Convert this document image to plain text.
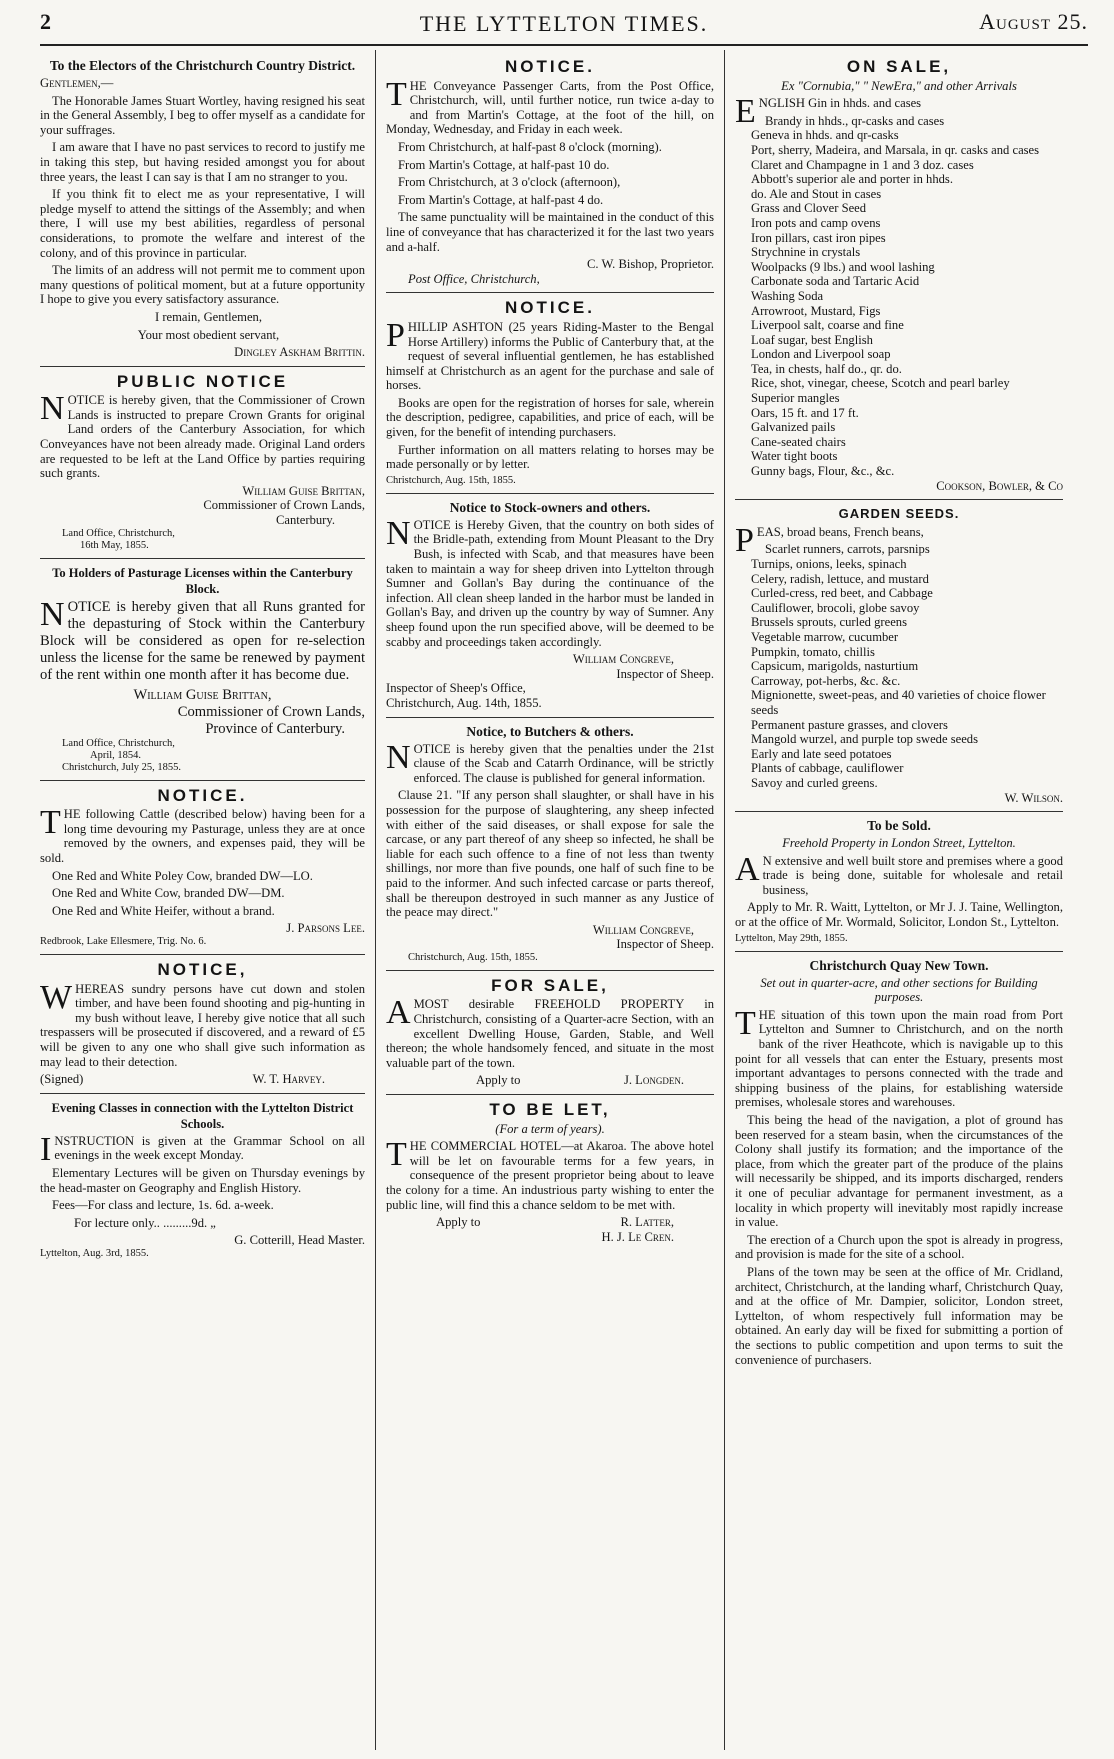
2	THE LYTTELTON TIMES.	August 25.
To the Electors of the Christchurch Country District.

Gentlemen,—

The Honorable James Stuart Wortley, having resigned his seat in the General Assembly, I beg to offer myself as a candidate for your suffrages.

I am aware that I have no past services to record to justify me in taking this step, but having resided amongst you for about three years, the least I can say is that I am no stranger to you.

If you think fit to elect me as your representative, I will pledge myself to attend the sittings of the Assembly; and when there, I will use my best abilities, regardless of personal considerations, to promote the welfare and interest of the colony, and of this province in particular.

The limits of an address will not permit me to comment upon many questions of political moment, but at a future opportunity I hope to give you every satisfactory assurance.

I remain, Gentlemen,

Your most obedient servant,

Dingley Askham Brittin.
PUBLIC NOTICE

NOTICE is hereby given, that the Commissioner of Crown Lands is instructed to prepare Crown Grants for original Land orders of the Canterbury Association, for which Conveyances have not been already made. Original Land orders are requested to be left at the Land Office by parties requiring such grants.

William Guise Brittan,
Commissioner of Crown Lands,
Canterbury.
Land Office, Christchurch,
16th May, 1855.
To Holders of Pasturage Licenses within the Canterbury Block.

NOTICE is hereby given that all Runs granted for the depasturing of Stock within the Canterbury Block will be considered as open for re-selection unless the license for the same be renewed by payment of the rent within one month after it has become due.

William Guise Brittan,
Commissioner of Crown Lands,
Province of Canterbury.
Land Office, Christchurch,
April, 1854.
Christchurch, July 25, 1855.
NOTICE.

THE following Cattle (described below) having been for a long time devouring my Pasturage, unless they are at once removed by the owners, and expenses paid, they will be sold.

One Red and White Poley Cow, branded DW—LO.

One Red and White Cow, branded DW—DM.

One Red and White Heifer, without a brand.

J. Parsons Lee.
Redbrook, Lake Ellesmere, Trig. No. 6.
NOTICE,

WHEREAS sundry persons have cut down and stolen timber, and have been found shooting and pig-hunting in my bush without leave, I hereby give notice that all such trespassers will be prosecuted if discovered, and a reward of £5 will be given to any one who shall give such information as may lead to their detection.

(Signed)	W. T. Harvey.
Evening Classes in connection with the Lyttelton District Schools.

INSTRUCTION is given at the Grammar School on all evenings in the week except Monday.

Elementary Lectures will be given on Thursday evenings by the head-master on Geography and English History.

Fees—For class and lecture, 1s. 6d. a-week.

For lecture only.. .........9d. „

G. Cotterill, Head Master.
Lyttelton, Aug. 3rd, 1855.
NOTICE.

THE Conveyance Passenger Carts, from the Post Office, Christchurch, will, until further notice, run twice a-day to and from Martin's Cottage, at the foot of the hill, on Monday, Wednesday, and Friday in each week.

From Christchurch, at half-past 8 o'clock (morning).

From Martin's Cottage, at half-past 10 do.

From Christchurch, at 3 o'clock (afternoon),

From Martin's Cottage, at half-past 4 do.

The same punctuality will be maintained in the conduct of this line of conveyance that has characterized it for the last two years and a-half.

C. W. Bishop, Proprietor.
Post Office, Christchurch,
NOTICE.

PHILLIP ASHTON (25 years Riding-Master to the Bengal Horse Artillery) informs the Public of Canterbury that, at the request of several influential gentlemen, he has established himself at Christchurch as an agent for the purchase and sale of horses.

Books are open for the registration of horses for sale, wherein the description, pedigree, capabilities, and price of each, will be given, for the benefit of intending purchasers.

Further information on all matters relating to horses may be made personally or by letter.

Christchurch, Aug. 15th, 1855.
Notice to Stock-owners and others.

NOTICE is Hereby Given, that the country on both sides of the Bridle-path, extending from Mount Pleasant to the Dry Bush, is infected with Scab, and that measures have been taken to maintain a way for sheep driven into Lyttelton through Sumner and Gollan's Bay during the continuance of the infection. All clean sheep landed in the harbor must be landed in Gollan's Bay, and driven up the country by way of Sumner. Any sheep found upon the run specified above, will be deemed to be scabby and proceedings taken accordingly.

William Congreve,
Inspector of Sheep.
Inspector of Sheep's Office,
Christchurch, Aug. 14th, 1855.
Notice, to Butchers & others.

NOTICE is hereby given that the penalties under the 21st clause of the Scab and Catarrh Ordinance, will be strictly enforced. The clause is published for general information.

Clause 21. "If any person shall slaughter, or shall have in his possession for the purpose of slaughtering, any sheep infected with either of the said diseases, or shall expose for sale the carcase, or any part thereof of any sheep so infected, he shall be liable for each such offence to a fine of not less than twenty shillings, nor more than five pounds, one half of such fine to be paid to the informer. And such infected carcase or parts thereof, shall be thereupon destroyed in such manner as any Justice of the peace may direct."

William Congreve,
Inspector of Sheep.
Christchurch, Aug. 15th, 1855.
FOR SALE,

AMOST desirable FREEHOLD PROPERTY in Christchurch, consisting of a Quarter-acre Section, with an excellent Dwelling House, Garden, Stable, and Well thereon; the whole handsomely fenced, and situate in the most valuable part of the town.

Apply to	J. Longden.
TO BE LET,
(For a term of years).

THE COMMERCIAL HOTEL—at Akaroa. The above hotel will be let on favourable terms for a few years, in consequence of the present proprietor being about to leave the colony for a time. An industrious party wishing to enter the public line, will find this a chance seldom to be met with.

Apply to	R. Latter,
H. J. Le Cren.
ON SALE,
Ex "Cornubia," " NewEra," and other Arrivals

ENGLISH Gin in hhds. and cases

Brandy in hhds., qr-casks and cases
Geneva in hhds. and qr-casks
Port, sherry, Madeira, and Marsala, in qr. casks and cases
Claret and Champagne in 1 and 3 doz. cases
Abbott's superior ale and porter in hhds.
do. Ale and Stout in cases
Grass and Clover Seed
Iron pots and camp ovens
Iron pillars, cast iron pipes
Strychnine in crystals
Woolpacks (9 lbs.) and wool lashing
Carbonate soda and Tartaric Acid
Washing Soda
Arrowroot, Mustard, Figs
Liverpool salt, coarse and fine
Loaf sugar, best English
London and Liverpool soap
Tea, in chests, half do., qr. do.
Rice, shot, vinegar, cheese, Scotch and pearl barley
Superior mangles
Oars, 15 ft. and 17 ft.
Galvanized pails
Cane-seated chairs
Water tight boots
Gunny bags, Flour, &c., &c.
Cookson, Bowler, & Co
GARDEN SEEDS.

PEAS, broad beans, French beans,

Scarlet runners, carrots, parsnips
Turnips, onions, leeks, spinach
Celery, radish, lettuce, and mustard
Curled-cress, red beet, and Cabbage
Cauliflower, brocoli, globe savoy
Brussels sprouts, curled greens
Vegetable marrow, cucumber
Pumpkin, tomato, chillis
Capsicum, marigolds, nasturtium
Carroway, pot-herbs, &c. &c.
Mignionette, sweet-peas, and 40 varieties of choice flower seeds
Permanent pasture grasses, and clovers
Mangold wurzel, and purple top swede seeds
Early and late seed potatoes
Plants of cabbage, cauliflower
Savoy and curled greens.
W. Wilson.
To be Sold.
Freehold Property in London Street, Lyttelton.

A N extensive and well built store and premises where a good trade is being done, suitable for wholesale and retail business,

Apply to Mr. R. Waitt, Lyttelton, or Mr J. J. Taine, Wellington, or at the office of Mr. Wormald, Solicitor, London St., Lyttelton.

Lyttelton, May 29th, 1855.
Christchurch Quay New Town.
Set out in quarter-acre, and other sections for Building purposes.

THE situation of this town upon the main road from Port Lyttelton and Sumner to Christchurch, and on the north bank of the river Heathcote, which is navigable up to this point for all vessels that can enter the Estuary, presents most important advantages to persons connected with the trade and shipping business of the plains, for establishing waterside premises, wholesale stores and warehouses.

This being the head of the navigation, a plot of ground has been reserved for a steam basin, when the circumstances of the Colony shall justify its formation; and the importance of the place, from which the greater part of the produce of the plains will necessarily be shipped, and its imports discharged, renders it one of peculiar advantage for permanent investment, as a locality in which property will inevitably most rapidly increase in value.

The erection of a Church upon the spot is already in progress, and provision is made for the site of a school.

Plans of the town may be seen at the office of Mr. Cridland, architect, Christchurch, at the landing wharf, Christchurch Quay, and at the office of Mr. Dampier, solicitor, London street, Lyttelton, of whom respectively full information may be obtained. An early day will be fixed for submitting a portion of the sections to public competition and upon terms to suit the convenience of purchasers.
